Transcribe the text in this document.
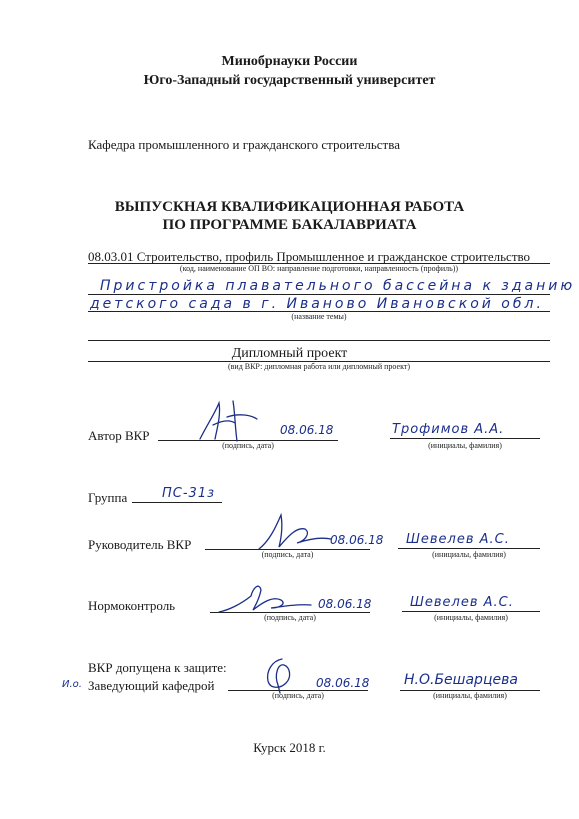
Минобрнауки России
Юго-Западный государственный университет
Кафедра промышленного и гражданского строительства
ВЫПУСКНАЯ КВАЛИФИКАЦИОННАЯ РАБОТА
ПО ПРОГРАММЕ БАКАЛАВРИАТА
08.03.01 Строительство, профиль Промышленное и гражданское строительство
(код, наименование ОП ВО: направление подготовки, направленность (профиль))
Пристройка плавательного бассейна к зданию
детского сада в г. Иваново Ивановской обл.
(название темы)
Дипломный проект
(вид ВКР: дипломная работа или дипломный проект)
Автор ВКР	08.06.18
(подпись, дата)
Трофимов А.А.
(инициалы, фамилия)
Группа	ПС-31з
Руководитель ВКР	08.06.18
(подпись, дата)
Шевелев А.С.
(инициалы, фамилия)
Нормоконтроль	08.06.18
(подпись, дата)
Шевелев А.С.
(инициалы, фамилия)
ВКР допущена к защите:
И.о. Заведующий кафедрой	08.06.18
(подпись, дата)
Н.О.Бешарцева
(инициалы, фамилия)
Курск 2018 г.
